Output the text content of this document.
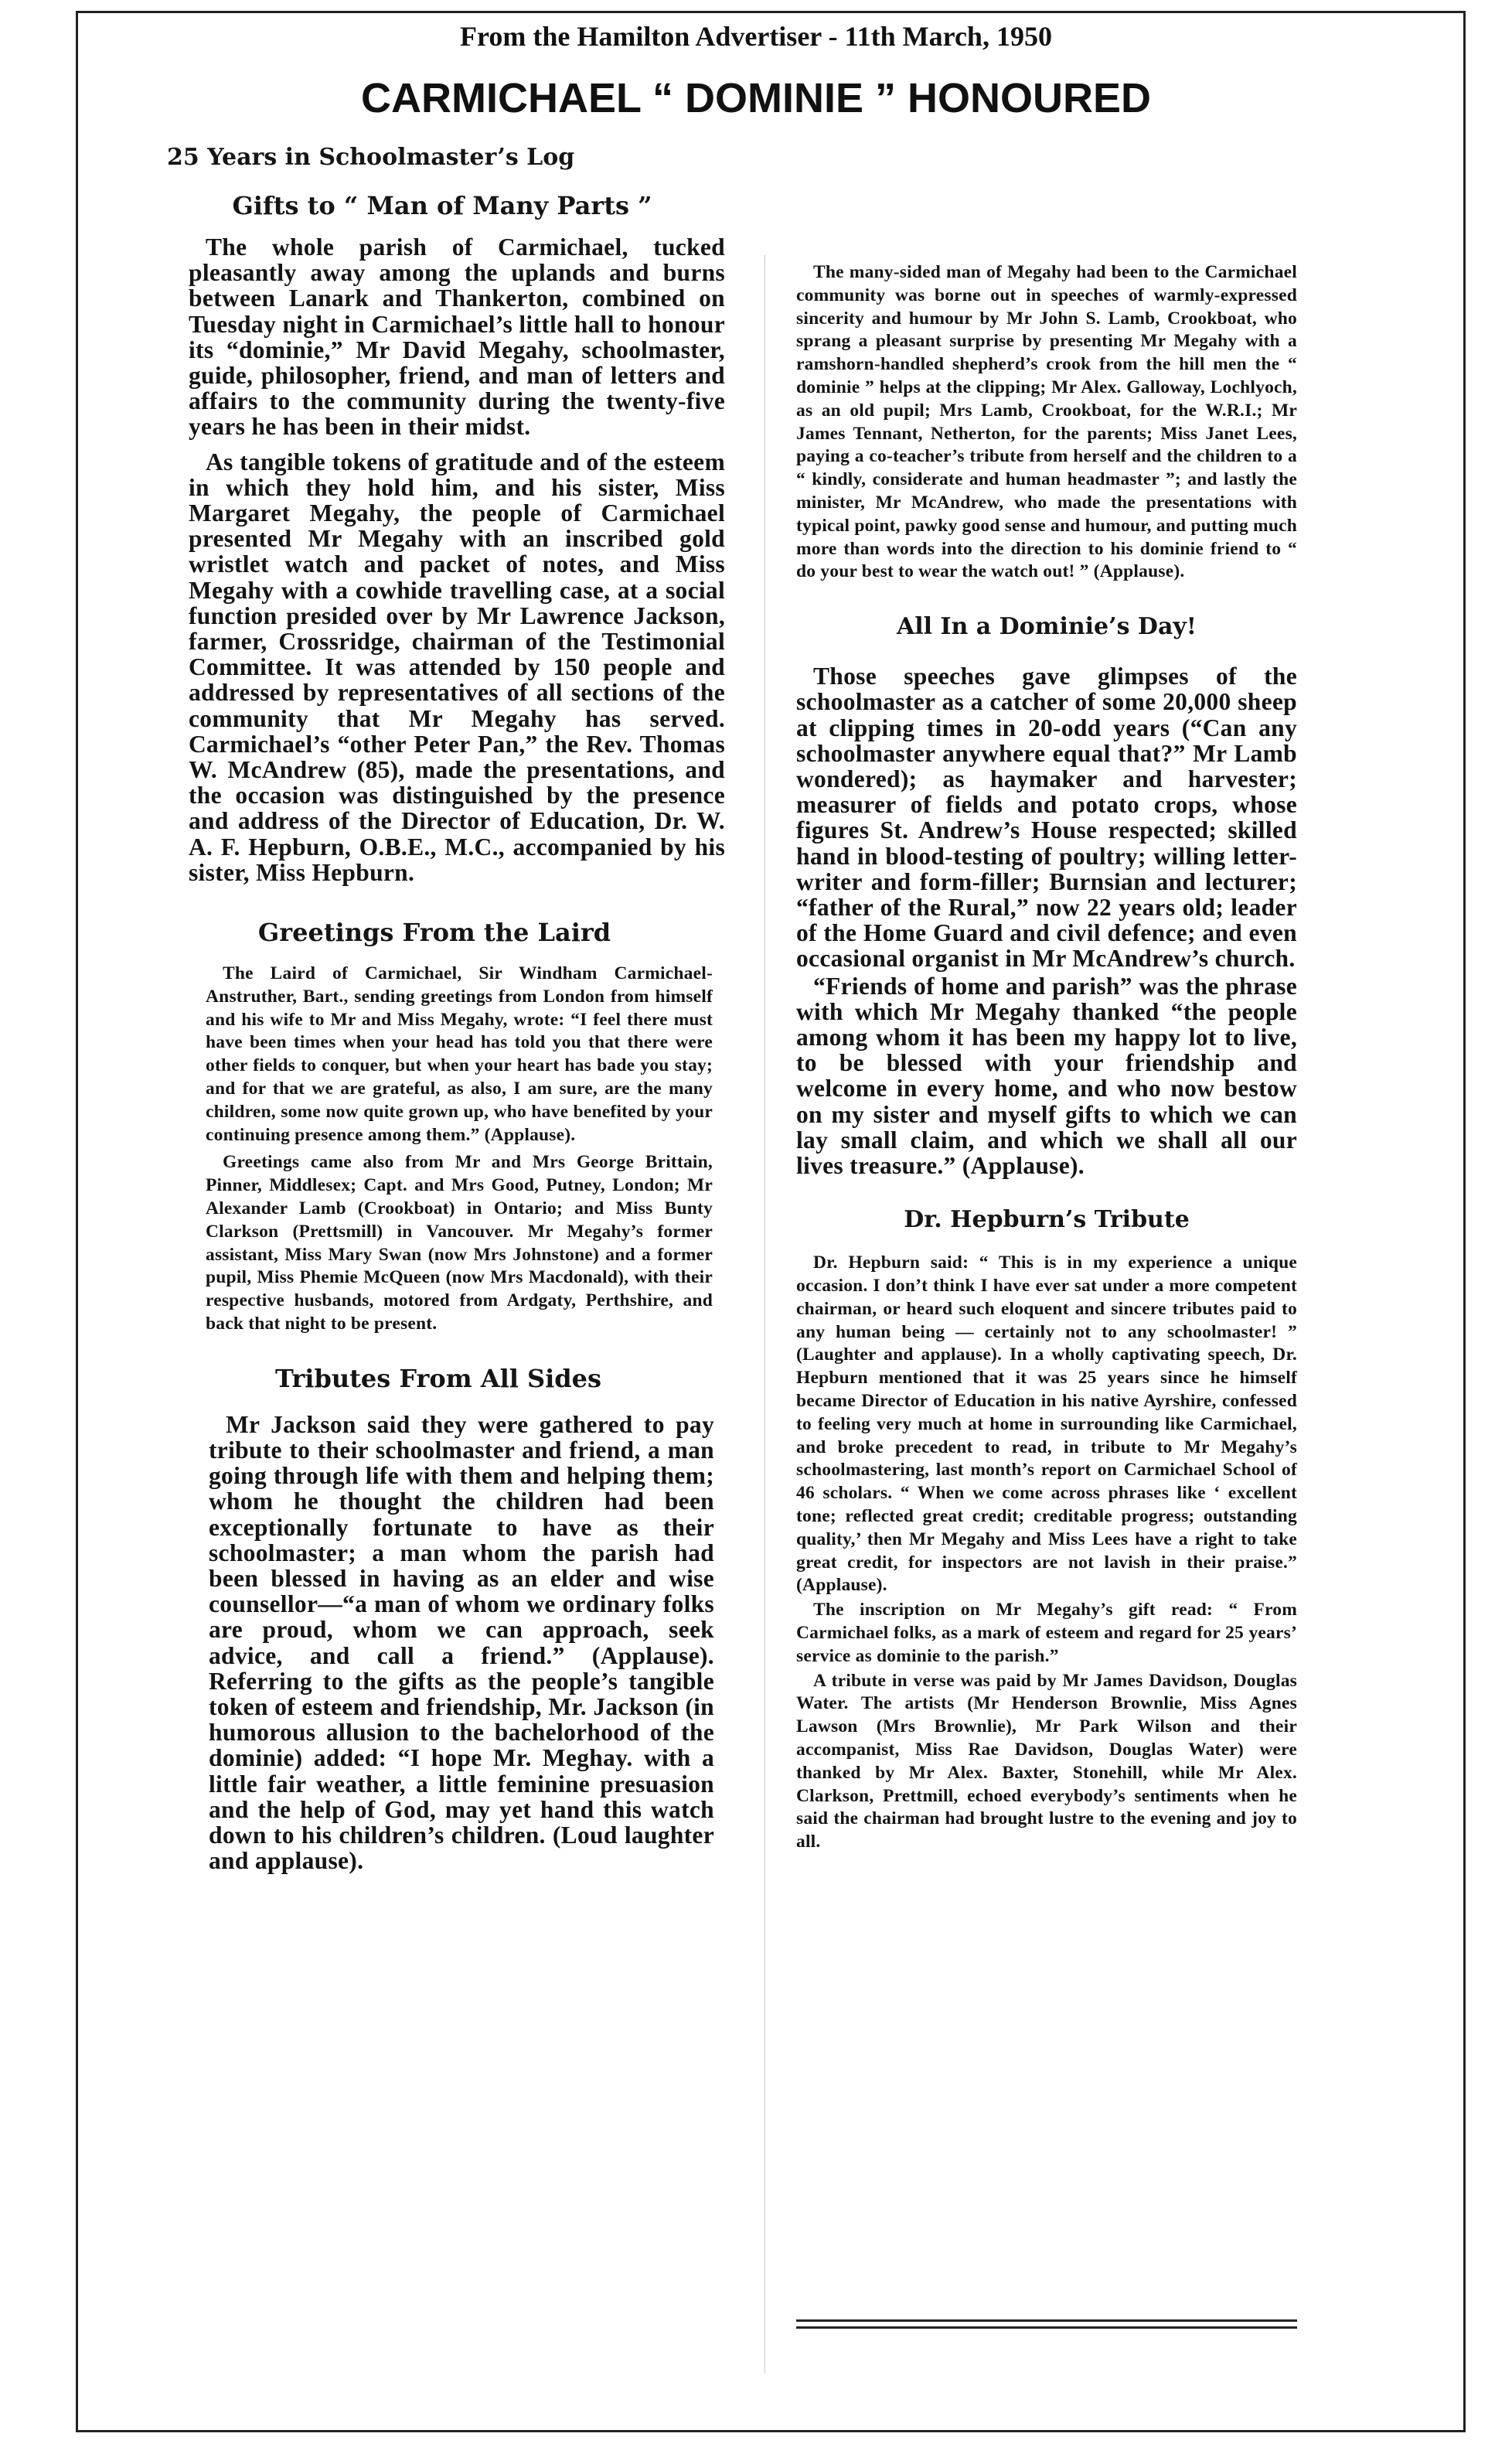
From the Hamilton Advertiser - 11th March, 1950
CARMICHAEL “ DOMINIE ” HONOURED
25 Years in Schoolmaster’s Log
Gifts to “ Man of Many Parts ”

The whole parish of Carmichael, tucked pleasantly away among the uplands and burns between Lanark and Thankerton, combined on Tuesday night in Carmichael’s little hall to honour its “dominie,” Mr David Megahy, schoolmaster, guide, philosopher, friend, and man of letters and affairs to the community during the twenty-five years he has been in their midst.

As tangible tokens of gratitude and of the esteem in which they hold him, and his sister, Miss Margaret Megahy, the people of Carmichael presented Mr Megahy with an inscribed gold wristlet watch and packet of notes, and Miss Megahy with a cowhide travelling case, at a social function presided over by Mr Lawrence Jackson, farmer, Crossridge, chairman of the Testimonial Committee. It was attended by 150 people and addressed by representatives of all sections of the community that Mr Megahy has served. Carmichael’s “other Peter Pan,” the Rev. Thomas W. McAndrew (85), made the presentations, and the occasion was distinguished by the presence and address of the Director of Education, Dr. W. A. F. Hepburn, O.B.E., M.C., accompanied by his sister, Miss Hepburn.

Greetings From the Laird

The Laird of Carmichael, Sir Windham Carmichael-Anstruther, Bart., sending greetings from London from himself and his wife to Mr and Miss Megahy, wrote: “I feel there must have been times when your head has told you that there were other fields to conquer, but when your heart has bade you stay; and for that we are grateful, as also, I am sure, are the many children, some now quite grown up, who have benefited by your continuing presence among them.” (Applause).

Greetings came also from Mr and Mrs George Brittain, Pinner, Middlesex; Capt. and Mrs Good, Putney, London; Mr Alexander Lamb (Crookboat) in Ontario; and Miss Bunty Clarkson (Prettsmill) in Vancouver. Mr Megahy’s former assistant, Miss Mary Swan (now Mrs Johnstone) and a former pupil, Miss Phemie McQueen (now Mrs Macdonald), with their respective husbands, motored from Ardgaty, Perthshire, and back that night to be present.

Tributes From All Sides

Mr Jackson said they were gathered to pay tribute to their schoolmaster and friend, a man going through life with them and helping them; whom he thought the children had been exceptionally fortunate to have as their schoolmaster; a man whom the parish had been blessed in having as an elder and wise counsellor—“a man of whom we ordinary folks are proud, whom we can approach, seek advice, and call a friend.” (Applause). Referring to the gifts as the people’s tangible token of esteem and friendship, Mr. Jackson (in humorous allusion to the bachelorhood of the dominie) added: “I hope Mr. Meghay. with a little fair weather, a little feminine presuasion and the help of God, may yet hand this watch down to his children’s children. (Loud laughter and applause).

The many-sided man of Megahy had been to the Carmichael community was borne out in speeches of warmly-expressed sincerity and humour by Mr John S. Lamb, Crookboat, who sprang a pleasant surprise by presenting Mr Megahy with a ramshorn-handled shepherd’s crook from the hill men the “ dominie ” helps at the clipping; Mr Alex. Galloway, Lochlyoch, as an old pupil; Mrs Lamb, Crookboat, for the W.R.I.; Mr James Tennant, Netherton, for the parents; Miss Janet Lees, paying a co-teacher’s tribute from herself and the children to a “ kindly, considerate and human headmaster ”; and lastly the minister, Mr McAndrew, who made the presentations with typical point, pawky good sense and humour, and putting much more than words into the direction to his dominie friend to “ do your best to wear the watch out! ” (Applause).

All In a Dominie’s Day!

Those speeches gave glimpses of the schoolmaster as a catcher of some 20,000 sheep at clipping times in 20-odd years (“Can any schoolmaster anywhere equal that?” Mr Lamb wondered); as haymaker and harvester; measurer of fields and potato crops, whose figures St. Andrew’s House respected; skilled hand in blood-testing of poultry; willing letter-writer and form-filler; Burnsian and lecturer; “father of the Rural,” now 22 years old; leader of the Home Guard and civil defence; and even occasional organist in Mr McAndrew’s church.

“Friends of home and parish” was the phrase with which Mr Megahy thanked “the people among whom it has been my happy lot to live, to be blessed with your friendship and welcome in every home, and who now bestow on my sister and myself gifts to which we can lay small claim, and which we shall all our lives treasure.” (Applause).

Dr. Hepburn’s Tribute

Dr. Hepburn said: “ This is in my experience a unique occasion. I don’t think I have ever sat under a more competent chairman, or heard such eloquent and sincere tributes paid to any human being — certainly not to any schoolmaster! ” (Laughter and applause). In a wholly captivating speech, Dr. Hepburn mentioned that it was 25 years since he himself became Director of Education in his native Ayrshire, confessed to feeling very much at home in surrounding like Carmichael, and broke precedent to read, in tribute to Mr Megahy’s schoolmastering, last month’s report on Carmichael School of 46 scholars. “ When we come across phrases like ‘ excellent tone; reflected great credit; creditable progress; outstanding quality,’ then Mr Megahy and Miss Lees have a right to take great credit, for inspectors are not lavish in their praise.” (Applause).

The inscription on Mr Megahy’s gift read: “ From Carmichael folks, as a mark of esteem and regard for 25 years’ service as dominie to the parish.”

A tribute in verse was paid by Mr James Davidson, Douglas Water. The artists (Mr Henderson Brownlie, Miss Agnes Lawson (Mrs Brownlie), Mr Park Wilson and their accompanist, Miss Rae Davidson, Douglas Water) were thanked by Mr Alex. Baxter, Stonehill, while Mr Alex. Clarkson, Prettmill, echoed everybody’s sentiments when he said the chairman had brought lustre to the evening and joy to all.
